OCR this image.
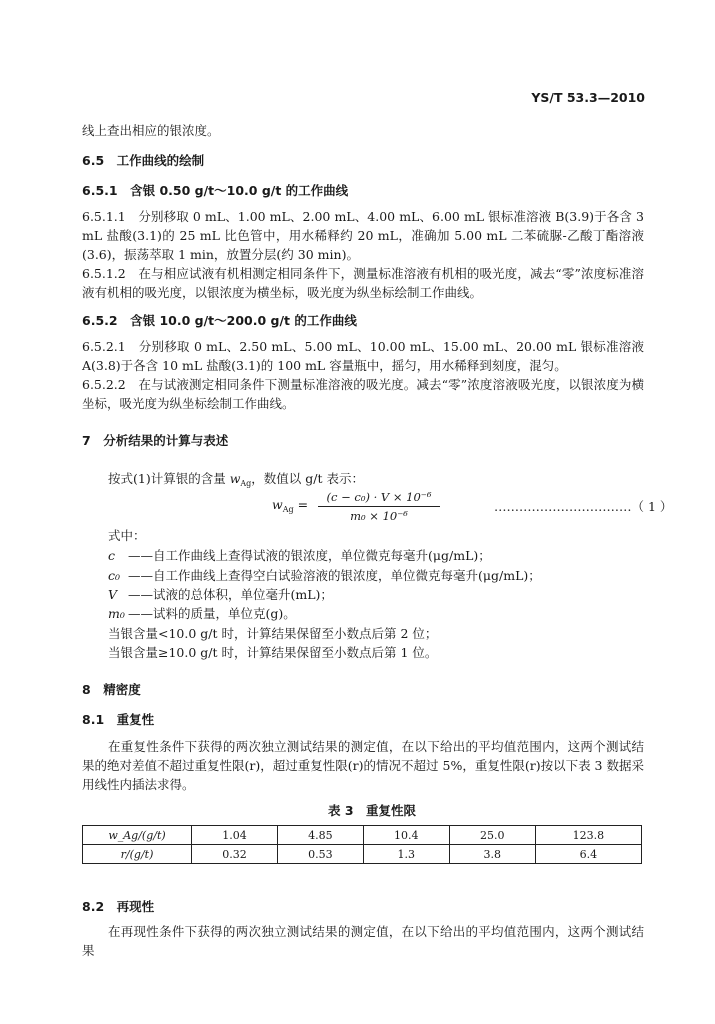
YS/T 53.3—2010
线上查出相应的银浓度。
6.5　工作曲线的绘制
6.5.1　含银 0.50 g/t～10.0 g/t 的工作曲线
6.5.1.1　分别移取 0 mL、1.00 mL、2.00 mL、4.00 mL、6.00 mL 银标准溶液 B(3.9)于各含 3 mL 盐酸(3.1)的 25 mL 比色管中，用水稀释约 20 mL，准确加 5.00 mL 二苯硫脲-乙酸丁酯溶液(3.6)，振荡萃取 1 min，放置分层(约 30 min)。
6.5.1.2　在与相应试液有机相测定相同条件下，测量标准溶液有机相的吸光度，减去“零”浓度标准溶液有机相的吸光度，以银浓度为横坐标，吸光度为纵坐标绘制工作曲线。
6.5.2　含银 10.0 g/t～200.0 g/t 的工作曲线
6.5.2.1　分别移取 0 mL、2.50 mL、5.00 mL、10.00 mL、15.00 mL、20.00 mL 银标准溶液 A(3.8)于各含 10 mL 盐酸(3.1)的 100 mL 容量瓶中，摇匀，用水稀释到刻度，混匀。
6.5.2.2　在与试液测定相同条件下测量标准溶液的吸光度。减去“零”浓度溶液吸光度，以银浓度为横坐标，吸光度为纵坐标绘制工作曲线。
7　分析结果的计算与表述
按式(1)计算银的含量 $w_{Ag}$，数值以 g/t 表示：
$w_{Ag} = \frac{\text{(c − c₀) · V × 10⁻⁶}}{\text{m₀ × 10⁻⁶}}$	……………………………（ 1 ）
式中：
c ——自工作曲线上查得试液的银浓度，单位微克每毫升(μg/mL)；
c₀ ——自工作曲线上查得空白试验溶液的银浓度，单位微克每毫升(μg/mL)；
V ——试液的总体积，单位毫升(mL)；
m₀ ——试料的质量，单位克(g)。
当银含量<10.0 g/t 时，计算结果保留至小数点后第 2 位；
当银含量≥10.0 g/t 时，计算结果保留至小数点后第 1 位。
8　精密度
8.1　重复性
在重复性条件下获得的两次独立测试结果的测定值，在以下给出的平均值范围内，这两个测试结果的绝对差值不超过重复性限(r)，超过重复性限(r)的情况不超过 5%，重复性限(r)按以下表 3 数据采用线性内插法求得。
表 3　重复性限
w_Ag/(g/t)	1.04	4.85	10.4	25.0	123.8
r/(g/t)	0.32	0.53	1.3	3.8	6.4
8.2　再现性
在再现性条件下获得的两次独立测试结果的测定值，在以下给出的平均值范围内，这两个测试结果
